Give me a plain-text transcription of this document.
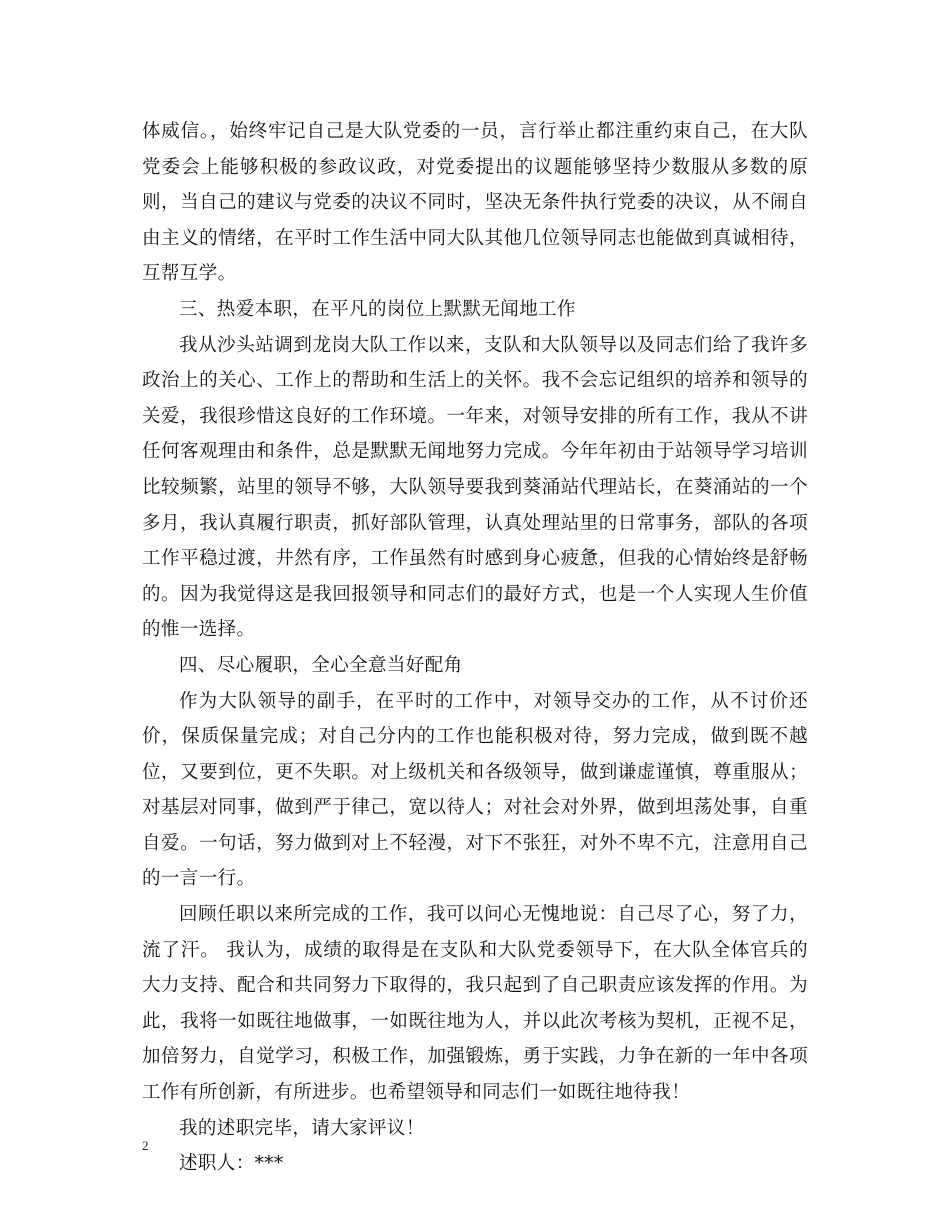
体威信。，始终牢记自己是大队党委的一员，言行举止都注重约束自己，在大队党委会上能够积极的参政议政，对党委提出的议题能够坚持少数服从多数的原则，当自己的建议与党委的决议不同时，坚决无条件执行党委的决议，从不闹自由主义的情绪，在平时工作生活中同大队其他几位领导同志也能做到真诚相待，互帮互学。

三、热爱本职，在平凡的岗位上默默无闻地工作

我从沙头站调到龙岗大队工作以来，支队和大队领导以及同志们给了我许多政治上的关心、工作上的帮助和生活上的关怀。我不会忘记组织的培养和领导的关爱，我很珍惜这良好的工作环境。一年来，对领导安排的所有工作，我从不讲任何客观理由和条件，总是默默无闻地努力完成。今年年初由于站领导学习培训比较频繁，站里的领导不够，大队领导要我到葵涌站代理站长，在葵涌站的一个多月，我认真履行职责，抓好部队管理，认真处理站里的日常事务，部队的各项工作平稳过渡，井然有序，工作虽然有时感到身心疲惫，但我的心情始终是舒畅的。因为我觉得这是我回报领导和同志们的最好方式，也是一个人实现人生价值的惟一选择。

四、尽心履职，全心全意当好配角

作为大队领导的副手，在平时的工作中，对领导交办的工作，从不讨价还价，保质保量完成；对自己分内的工作也能积极对待，努力完成，做到既不越位，又要到位，更不失职。对上级机关和各级领导，做到谦虚谨慎，尊重服从；对基层对同事，做到严于律己，宽以待人；对社会对外界，做到坦荡处事，自重自爱。一句话，努力做到对上不轻漫，对下不张狂，对外不卑不亢，注意用自己的一言一行。

回顾任职以来所完成的工作，我可以问心无愧地说：自己尽了心，努了力，流了汗。 我认为，成绩的取得是在支队和大队党委领导下，在大队全体官兵的大力支持、配合和共同努力下取得的，我只起到了自己职责应该发挥的作用。为此，我将一如既往地做事，一如既往地为人，并以此次考核为契机，正视不足，加倍努力，自觉学习，积极工作，加强锻炼，勇于实践，力争在新的一年中各项工作有所创新，有所进步。也希望领导和同志们一如既往地待我！

我的述职完毕，请大家评议！

述职人：***

2
